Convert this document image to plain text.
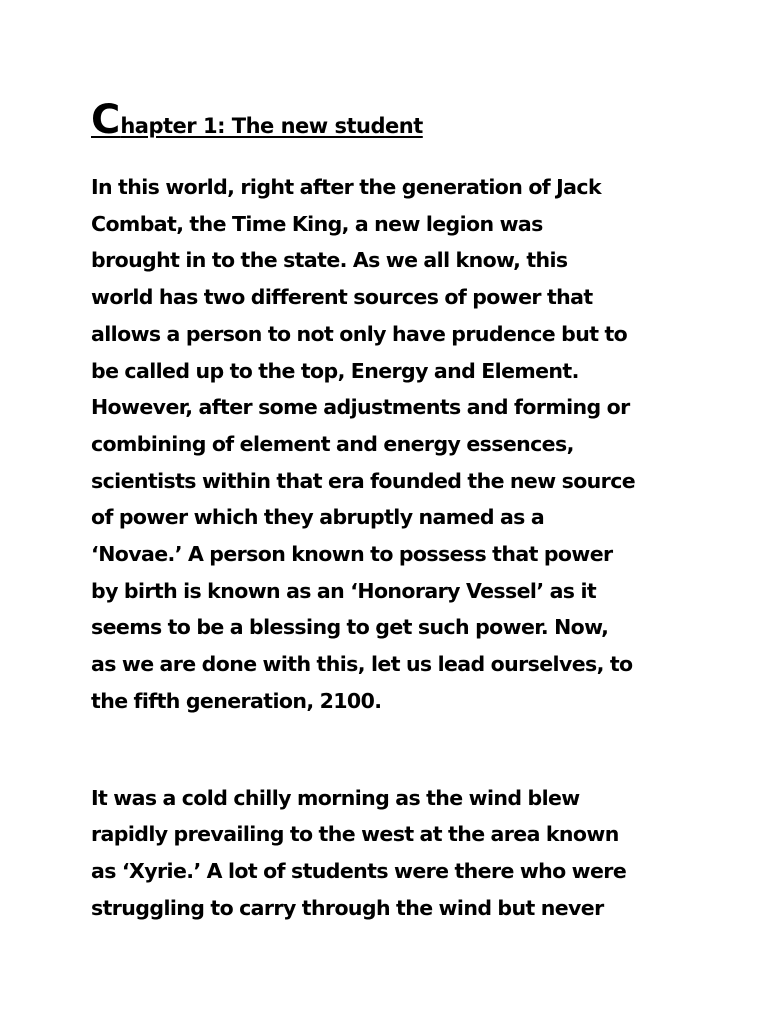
Chapter 1: The new student

In this world, right after the generation of Jack
Combat, the Time King, a new legion was
brought in to the state. As we all know, this
world has two different sources of power that
allows a person to not only have prudence but to
be called up to the top, Energy and Element.
However, after some adjustments and forming or
combining of element and energy essences,
scientists within that era founded the new source
of power which they abruptly named as a
‘Novae.’ A person known to possess that power
by birth is known as an ‘Honorary Vessel’ as it
seems to be a blessing to get such power. Now,
as we are done with this, let us lead ourselves, to
the fifth generation, 2100.

It was a cold chilly morning as the wind blew
rapidly prevailing to the west at the area known
as ‘Xyrie.’ A lot of students were there who were
struggling to carry through the wind but never
